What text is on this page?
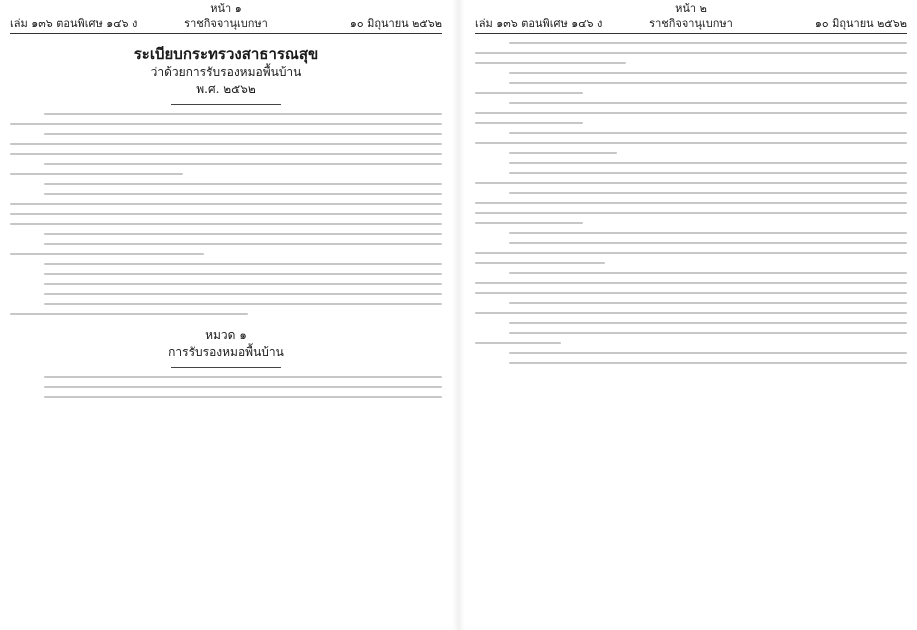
หน้า ๑
เล่ม ๑๓๖ ตอนพิเศษ ๑๔๖ ง	ราชกิจจานุเบกษา	๑๐ มิถุนายน ๒๕๖๒
ระเบียบกระทรวงสาธารณสุข
ว่าด้วยการรับรองหมอพื้นบ้าน
พ.ศ. ๒๕๖๒
หมวด ๑
การรับรองหมอพื้นบ้าน
หน้า ๒
เล่ม ๑๓๖ ตอนพิเศษ ๑๔๖ ง	ราชกิจจานุเบกษา	๑๐ มิถุนายน ๒๕๖๒
